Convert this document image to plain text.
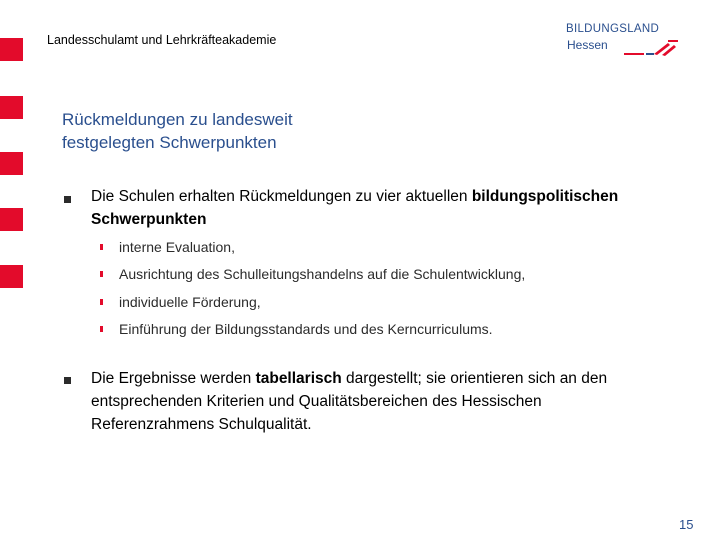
Landesschulamt und Lehrkräfteakademie
BILDUNGSLAND
Hessen
Rückmeldungen zu landesweit
festgelegten Schwerpunkten
Die Schulen erhalten Rückmeldungen zu vier aktuellen bildungspolitischen
Schwerpunkten
interne Evaluation,
Ausrichtung des Schulleitungshandelns auf die Schulentwicklung,
individuelle Förderung,
Einführung der Bildungsstandards und des Kerncurriculums.
Die Ergebnisse werden tabellarisch dargestellt; sie orientieren sich an den
entsprechenden Kriterien und Qualitätsbereichen des Hessischen
Referenzrahmens Schulqualität.
15
